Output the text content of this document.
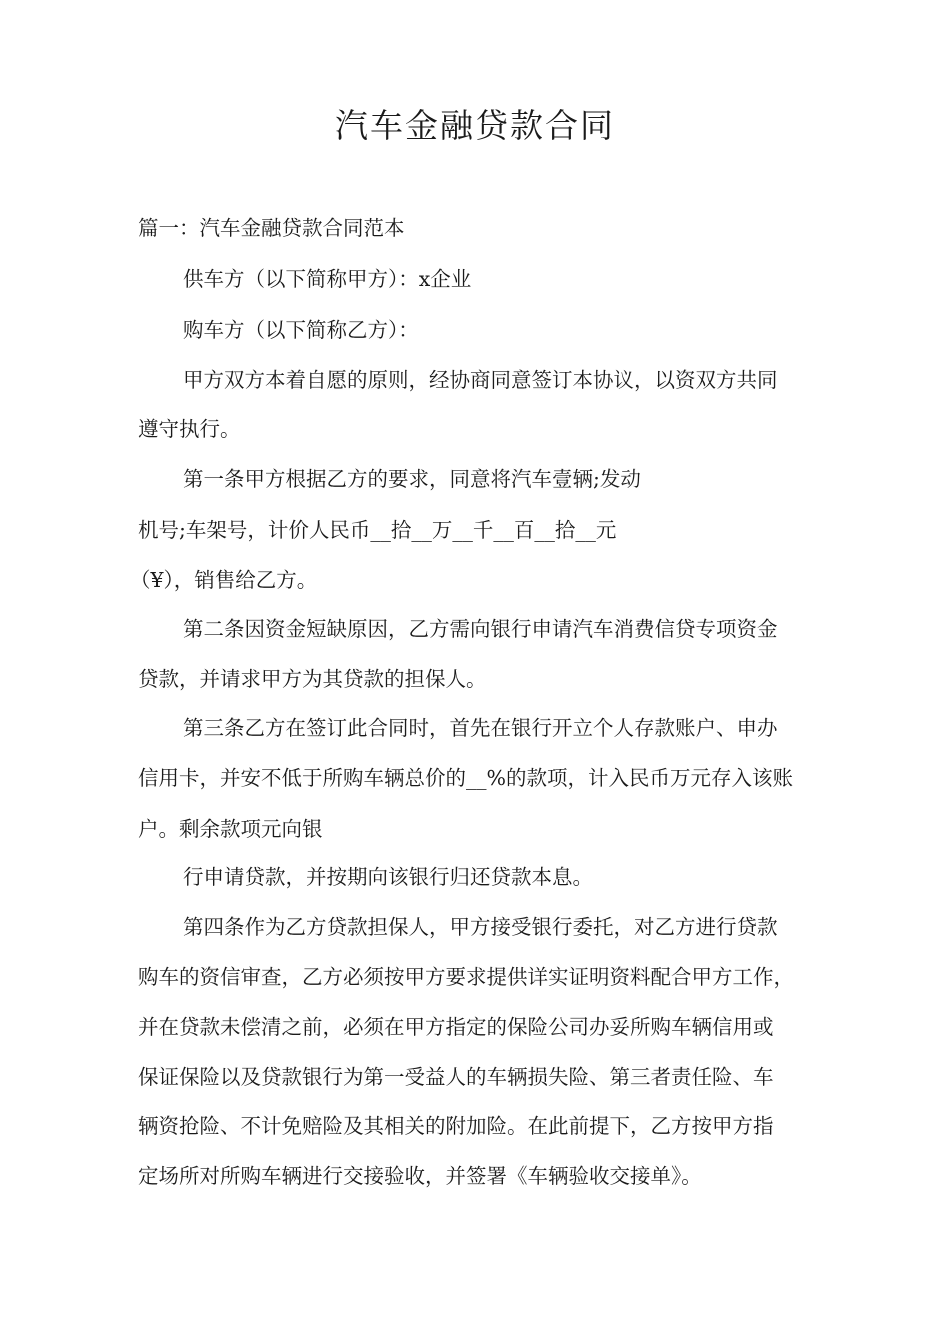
汽车金融贷款合同
篇一：汽车金融贷款合同范本
供车方（以下简称甲方）：x企业
购车方（以下简称乙方）：
甲方双方本着自愿的原则，经协商同意签订本协议，以资双方共同
遵守执行。
第一条甲方根据乙方的要求，同意将汽车壹辆;发动
机号;车架号，计价人民币__拾__万__千__百__拾__元
（¥），销售给乙方。
第二条因资金短缺原因，乙方需向银行申请汽车消费信贷专项资金
贷款，并请求甲方为其贷款的担保人。
第三条乙方在签订此合同时，首先在银行开立个人存款账户、申办
信用卡，并安不低于所购车辆总价的__%的款项，计入民币万元存入该账
户。剩余款项元向银
行申请贷款，并按期向该银行归还贷款本息。
第四条作为乙方贷款担保人，甲方接受银行委托，对乙方进行贷款
购车的资信审查，乙方必须按甲方要求提供详实证明资料配合甲方工作，
并在贷款未偿清之前，必须在甲方指定的保险公司办妥所购车辆信用或
保证保险以及贷款银行为第一受益人的车辆损失险、第三者责任险、车
辆资抢险、不计免赔险及其相关的附加险。在此前提下，乙方按甲方指
定场所对所购车辆进行交接验收，并签署《车辆验收交接单》。
